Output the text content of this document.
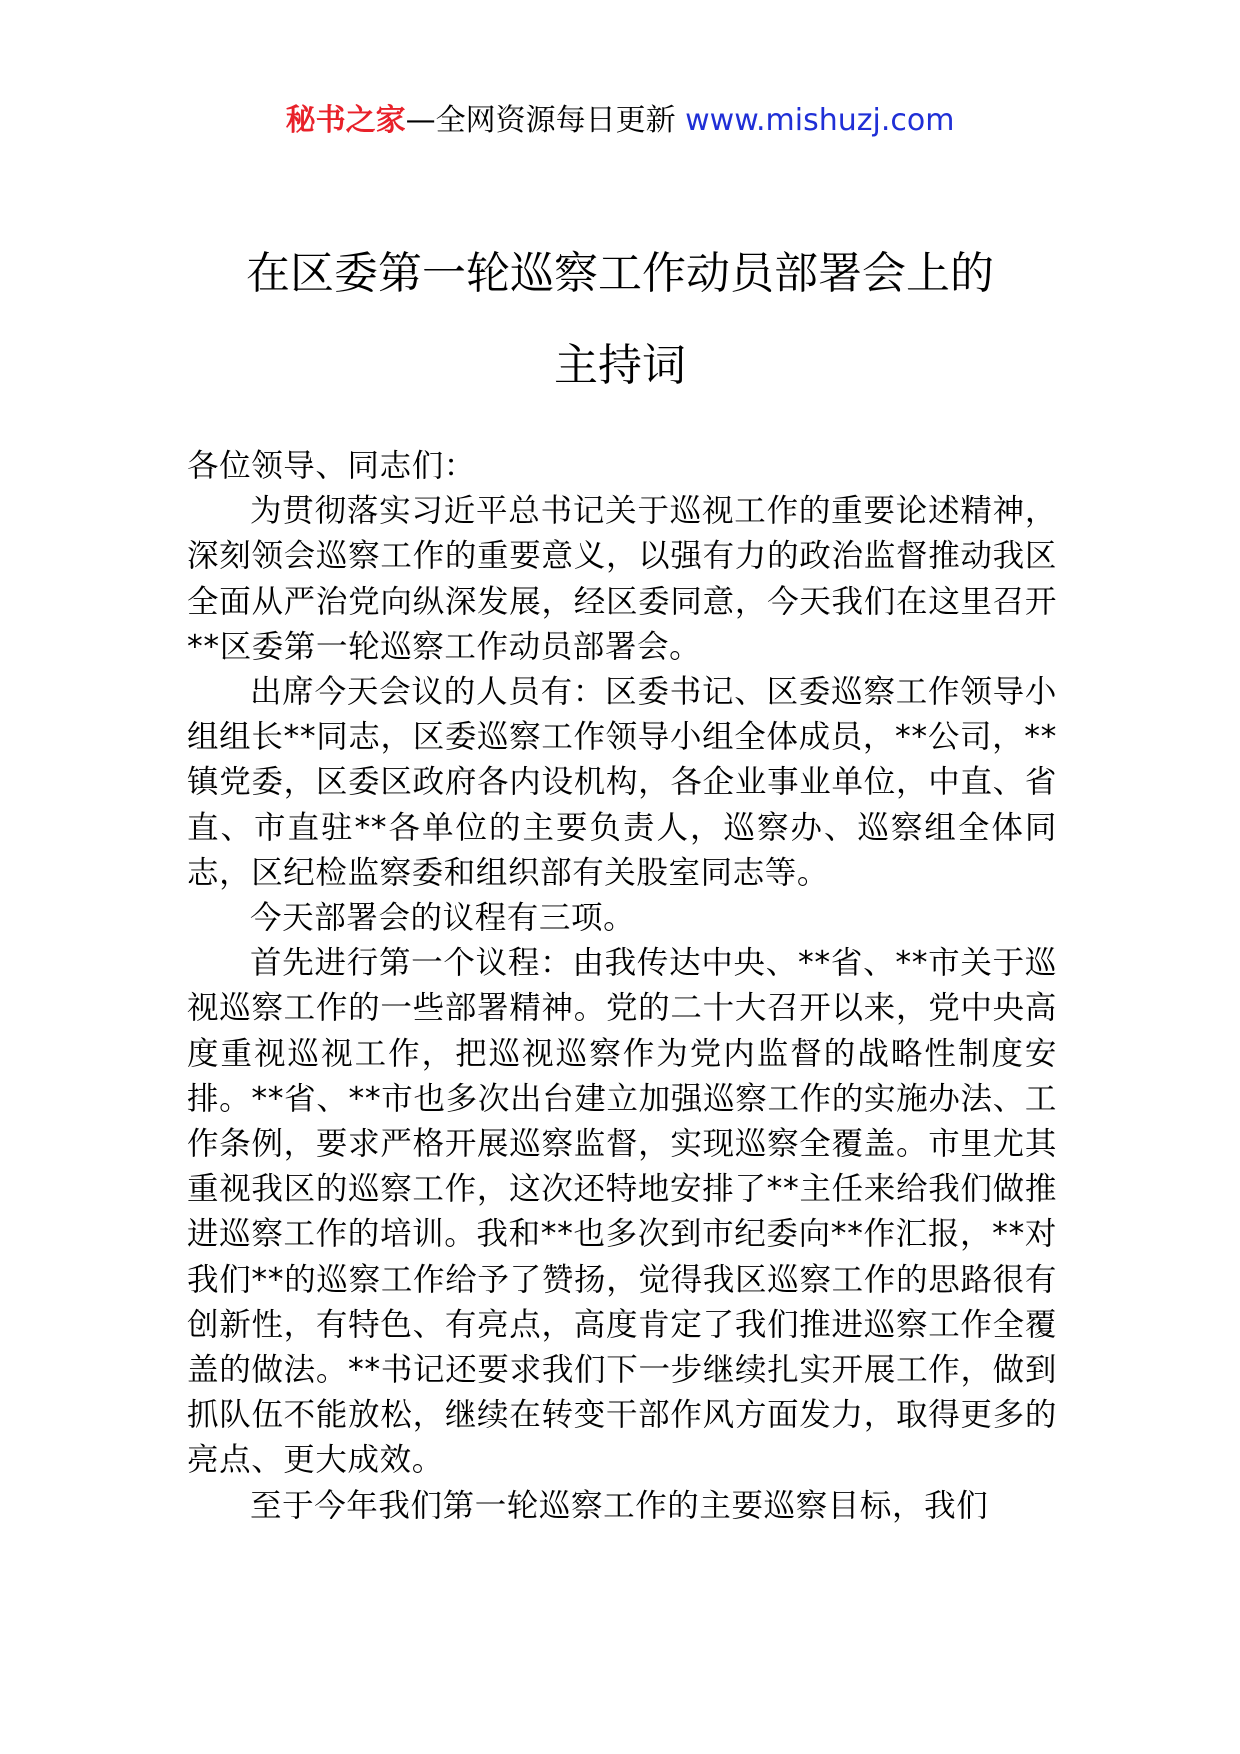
秘书之家—全网资源每日更新 www.mishuzj.com
在区委第一轮巡察工作动员部署会上的
主持词

各位领导、同志们：

为贯彻落实习近平总书记关于巡视工作的重要论述精神，深刻领会巡察工作的重要意义，以强有力的政治监督推动我区全面从严治党向纵深发展，经区委同意，今天我们在这里召开**区委第一轮巡察工作动员部署会。

出席今天会议的人员有：区委书记、区委巡察工作领导小组组长**同志，区委巡察工作领导小组全体成员，**公司，**镇党委，区委区政府各内设机构，各企业事业单位，中直、省直、市直驻**各单位的主要负责人，巡察办、巡察组全体同志，区纪检监察委和组织部有关股室同志等。

今天部署会的议程有三项。

首先进行第一个议程：由我传达中央、**省、**市关于巡视巡察工作的一些部署精神。党的二十大召开以来，党中央高度重视巡视工作，把巡视巡察作为党内监督的战略性制度安排。**省、**市也多次出台建立加强巡察工作的实施办法、工作条例，要求严格开展巡察监督，实现巡察全覆盖。市里尤其重视我区的巡察工作，这次还特地安排了**主任来给我们做推进巡察工作的培训。我和**也多次到市纪委向**作汇报，**对我们**的巡察工作给予了赞扬，觉得我区巡察工作的思路很有创新性，有特色、有亮点，高度肯定了我们推进巡察工作全覆盖的做法。**书记还要求我们下一步继续扎实开展工作，做到抓队伍不能放松，继续在转变干部作风方面发力，取得更多的亮点、更大成效。

至于今年我们第一轮巡察工作的主要巡察目标，我们
